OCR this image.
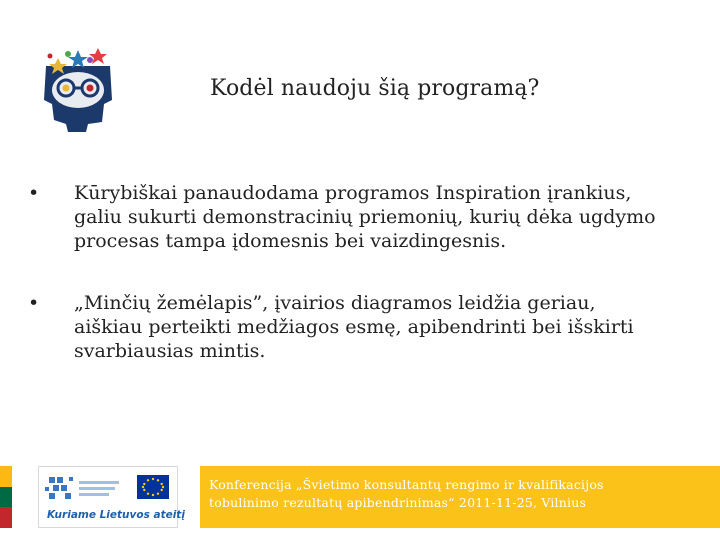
Kodėl naudoju šią programą?
•	Kūrybiškai panaudodama programos Inspiration įrankius, galiu sukurti demonstracinių priemonių, kurių dėka ugdymo procesas tampa įdomesnis bei vaizdingesnis.
•	„Minčių žemėlapis”, įvairios diagramos leidžia geriau, aiškiau perteikti medžiagos esmę, apibendrinti bei išskirti svarbiausias mintis.
Kuriame Lietuvos ateitį
Konferencija „Švietimo konsultantų rengimo ir kvalifikacijos
tobulinimo rezultatų apibendrinimas“ 2011-11-25, Vilnius
